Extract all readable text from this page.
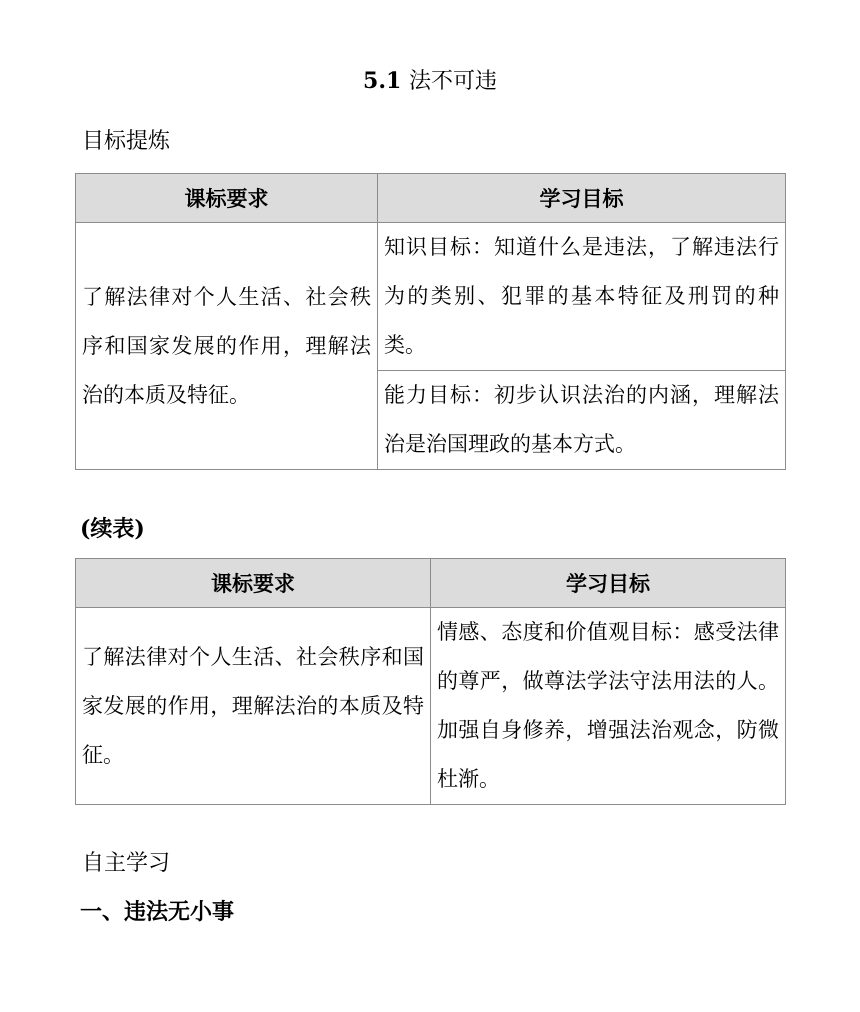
5.1 法不可违
目标提炼
课标要求	学习目标
了解法律对个人生活、社会秩序和国家发展的作用，理解法治的本质及特征。	知识目标：知道什么是违法，了解违法行为的类别、犯罪的基本特征及刑罚的种类。
	能力目标：初步认识法治的内涵，理解法治是治国理政的基本方式。
(续表)
课标要求	学习目标
了解法律对个人生活、社会秩序和国家发展的作用，理解法治的本质及特征。	情感、态度和价值观目标：感受法律的尊严，做尊法学法守法用法的人。加强自身修养，增强法治观念，防微杜渐。
自主学习
一、违法无小事
